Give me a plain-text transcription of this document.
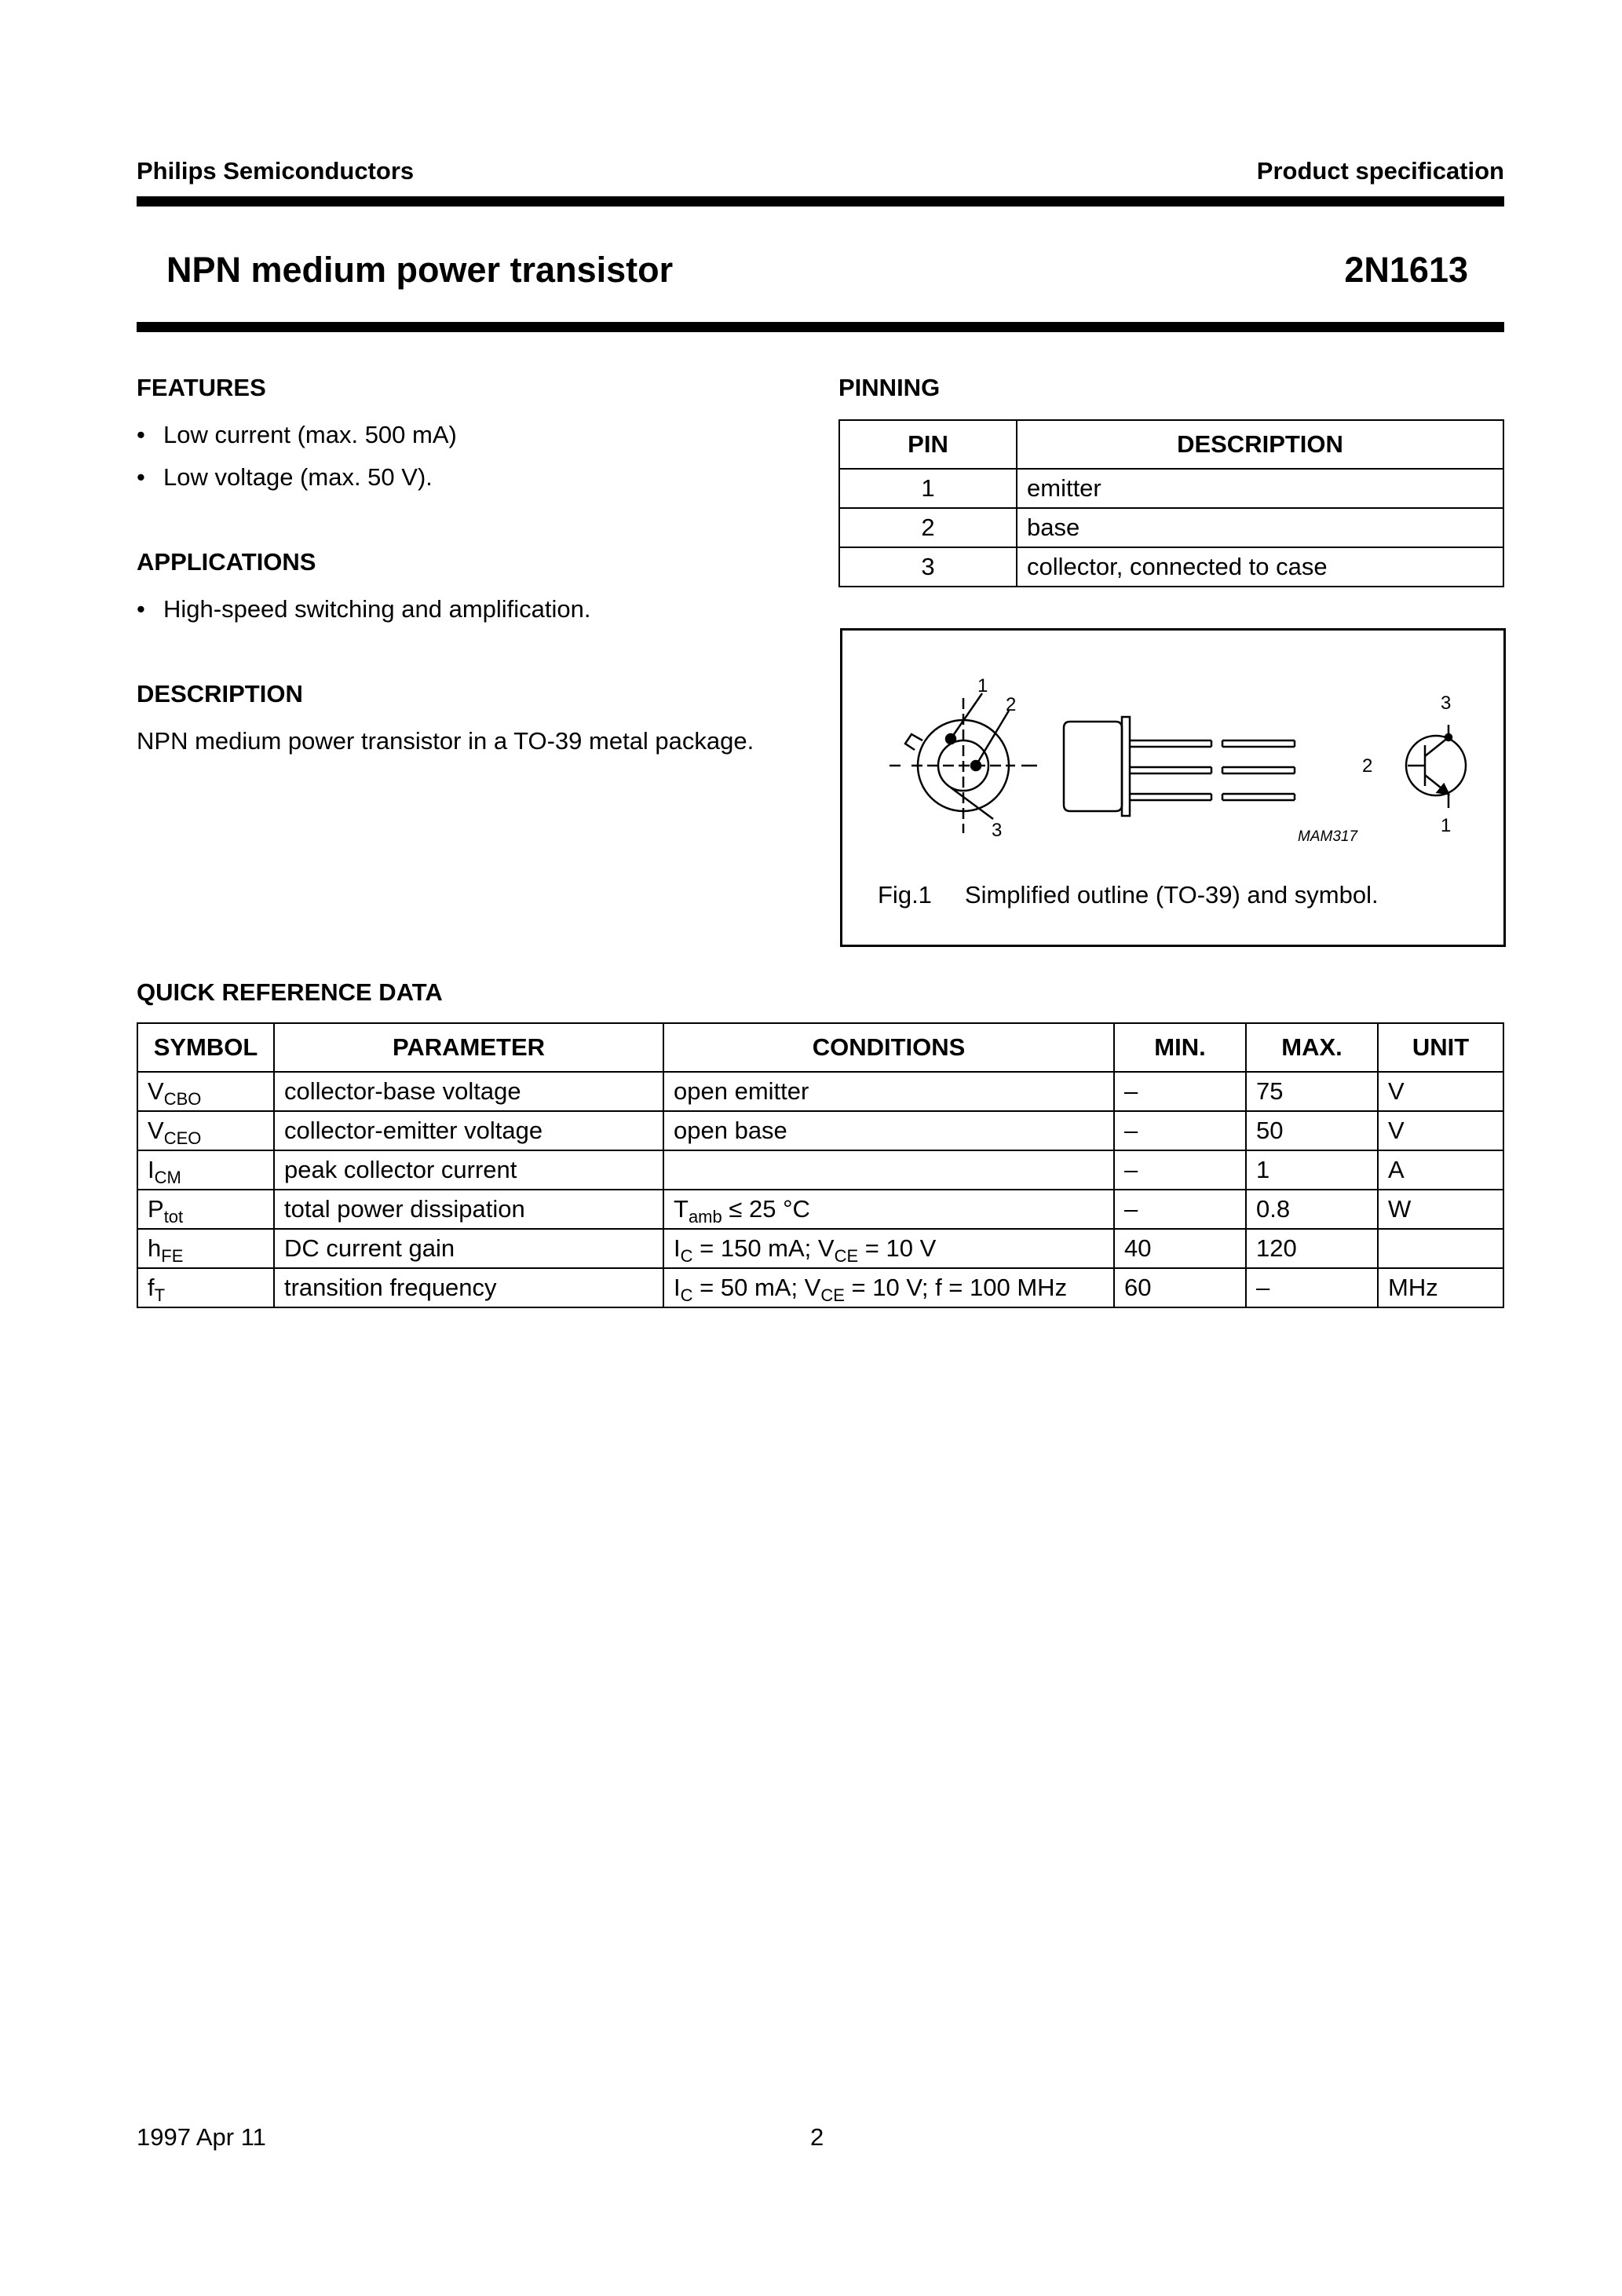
Philips Semiconductors	Product specification
NPN medium power transistor	2N1613
FEATURES
• Low current (max. 500 mA)
• Low voltage (max. 50 V).
APPLICATIONS
• High-speed switching and amplification.
DESCRIPTION
NPN medium power transistor in a TO-39 metal package.
PINNING
PIN	DESCRIPTION
1	emitter
2	base
3	collector, connected to case
1
2
3
3
2
1
MAM317
Fig.1 Simplified outline (TO-39) and symbol.
QUICK REFERENCE DATA
SYMBOL	PARAMETER	CONDITIONS	MIN.	MAX.	UNIT
$V_{CBO}$	collector-base voltage	open emitter	–	75	V
$V_{CEO}$	collector-emitter voltage	open base	–	50	V
$I_{CM}$	peak collector current		–	1	A
$P_{tot}$	total power dissipation	$T_{amb} \le 25$ °C	–	0.8	W
$h_{FE}$	DC current gain	$I_C = 150$ mA; $V_{CE} = 10$ V	40	120	
$f_T$	transition frequency	$I_C = 50$ mA; $V_{CE} = 10$ V; f = 100 MHz	60	–	MHz
1997 Apr 11	2
